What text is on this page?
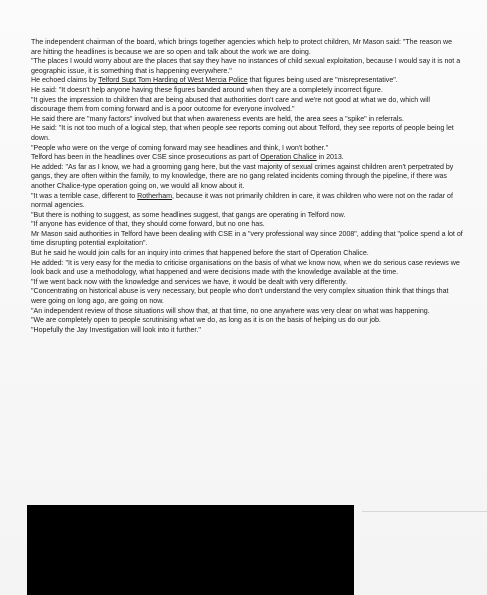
The independent chairman of the board, which brings together agencies which help to protect children, Mr Mason said: "The reason we are hitting the headlines is because we are so open and talk about the work we are doing.

"The places I would worry about are the places that say they have no instances of child sexual exploitation, because I would say it is not a geographic issue, it is something that is happening everywhere."

He echoed claims by Telford Supt Tom Harding of West Mercia Police that figures being used are "misrepresentative".

He said: "It doesn't help anyone having these figures banded around when they are a completely incorrect figure.

"It gives the impression to children that are being abused that authorities don't care and we're not good at what we do, which will discourage them from coming forward and is a poor outcome for everyone involved."

He said there are "many factors" involved but that when awareness events are held, the area sees a "spike" in referrals.

He said: "It is not too much of a logical step, that when people see reports coming out about Telford, they see reports of people being let down.

"People who were on the verge of coming forward may see headlines and think, I won't bother."

Telford has been in the headlines over CSE since prosecutions as part of Operation Chalice in 2013.

He added: "As far as I know, we had a grooming gang here, but the vast majority of sexual crimes against children aren't perpetrated by gangs, they are often within the family, to my knowledge, there are no gang related incidents coming through the pipeline, if there was another Chalice-type operation going on, we would all know about it.

"It was a terrible case, different to Rotherham, because it was not primarily children in care, it was children who were not on the radar of normal agencies.

"But there is nothing to suggest, as some headlines suggest, that gangs are operating in Telford now.

"If anyone has evidence of that, they should come forward, but no one has.

Mr Mason said authorities in Telford have been dealing with CSE in a "very professional way since 2008", adding that "police spend a lot of time disrupting potential exploitation".

But he said he would join calls for an inquiry into crimes that happened before the start of Operation Chalice.

He added: "It is very easy for the media to criticise organisations on the basis of what we know now, when we do serious case reviews we look back and use a methodology, what happened and were decisions made with the knowledge available at the time.

"If we went back now with the knowledge and services we have, it would be dealt with very differently.

"Concentrating on historical abuse is very necessary, but people who don't understand the very complex situation think that things that were going on long ago, are going on now.

"An independent review of those situations will show that, at that time, no one anywhere was very clear on what was happening.

"We are completely open to people scrutinising what we do, as long as it is on the basis of helping us do our job.

"Hopefully the Jay Investigation will look into it further."
